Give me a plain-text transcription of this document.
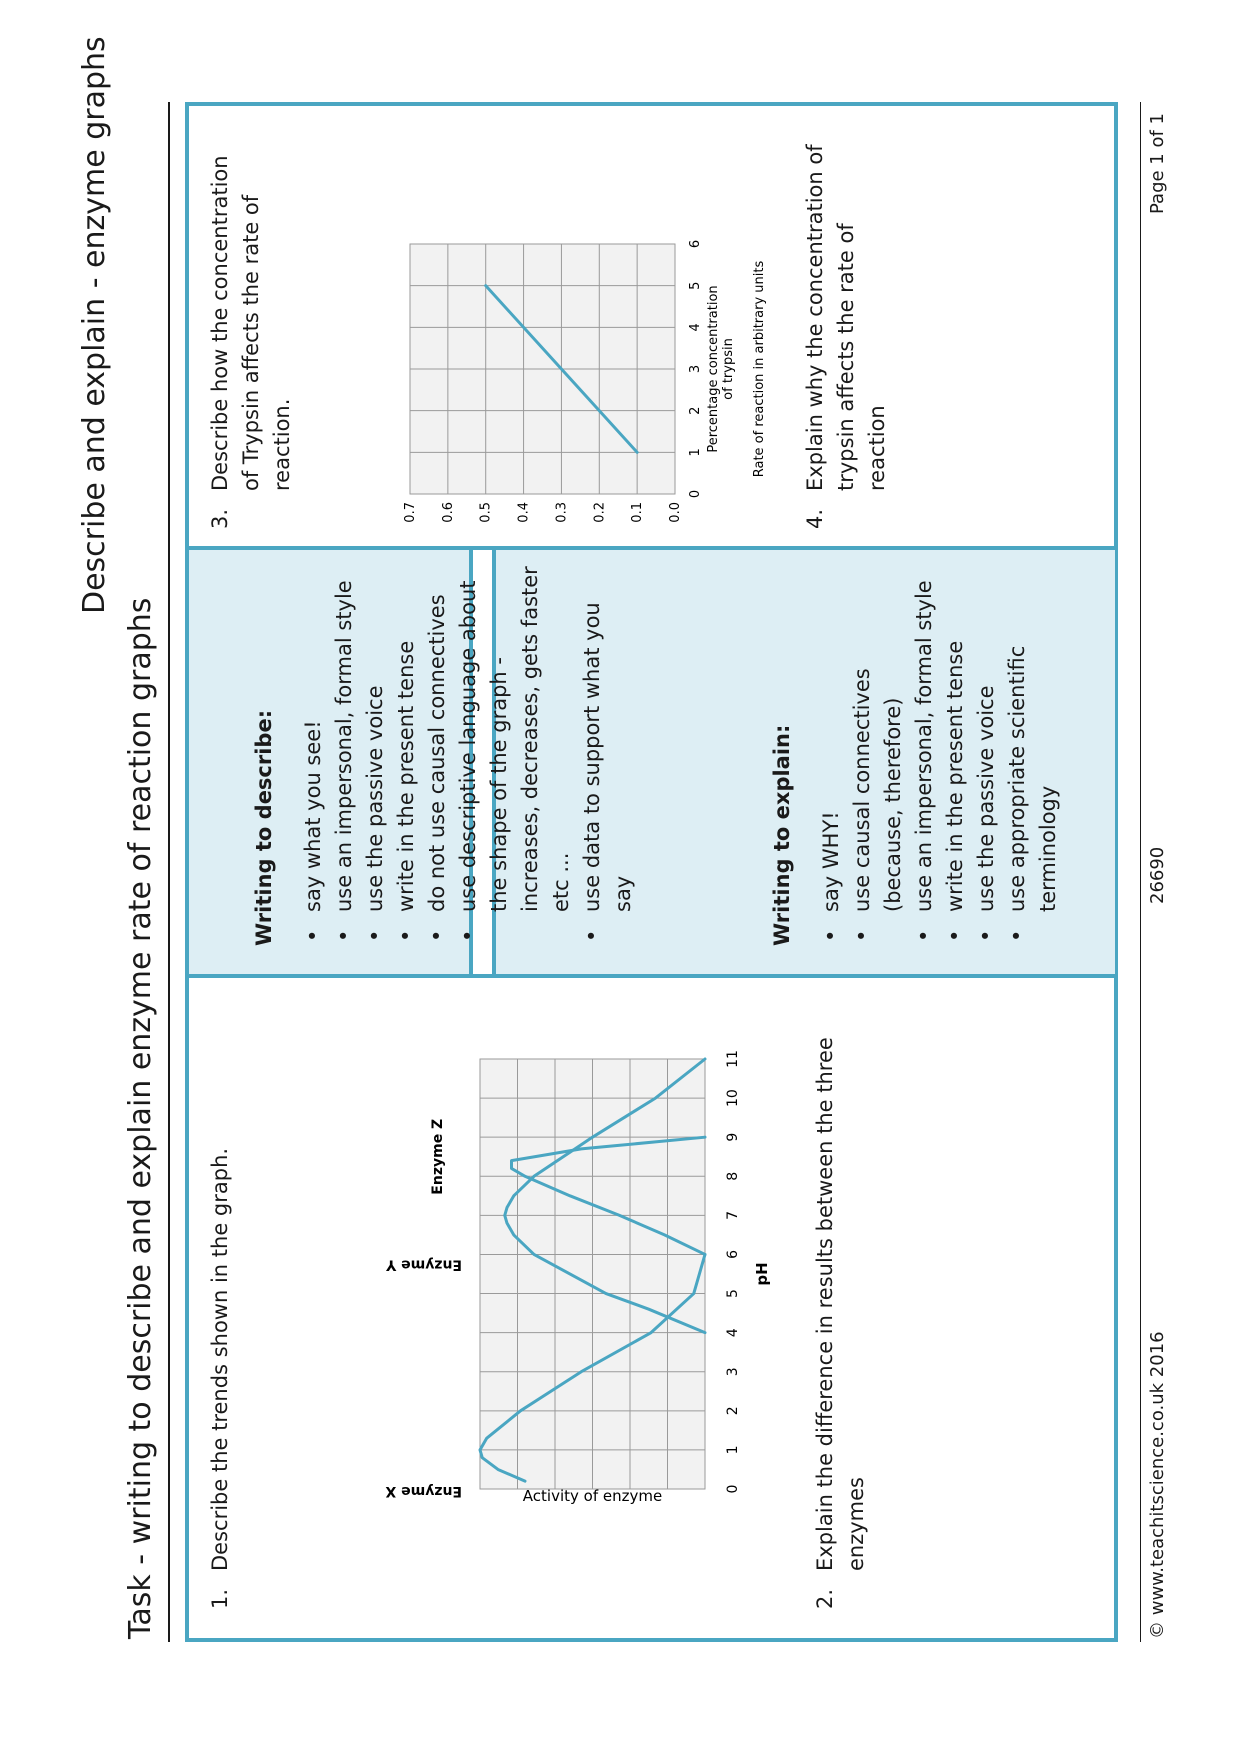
Task - writing to describe and explain enzyme rate of reaction graphs
Describe and explain - enzyme graphs
1.Describe the trends shown in the graph.	0
1
2
3
4
5
6
7
8
9
10
11
pH
Activity of enzyme
Enzyme X
Enzyme Y
Enzyme Z
2.Explain the difference in results between the three enzymes
Writing to describe: • say what you see! • use an impersonal, formal style • use the passive voice • write in the present tense • do not use causal connectives • use descriptive language about the shape of the graph - increases, decreases, gets faster etc ... • use data to support what you say	Writing to explain: • say WHY! • use causal connectives (because, therefore) • use an impersonal, formal style • write in the present tense • use the passive voice • use appropriate scientific terminology
3.Describe how the concentration of Trypsin affects the rate of reaction.
0
1
2
3
4
5
6
0.0
0.1
0.2
0.3
0.4
0.5
0.6
0.7
Percentage concentrationof trypsin Rate of reaction in arbitrary units
4.Explain why the concentration of trypsin affects the rate of reaction
© www.teachitscience.co.uk 2016
26690
Page 1 of 1
